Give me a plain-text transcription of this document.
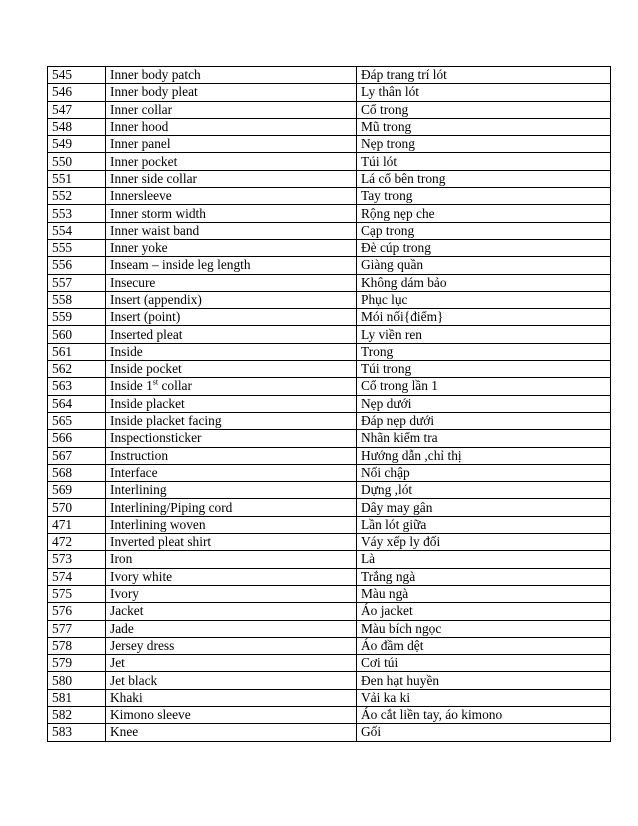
545	Inner body patch	Đáp trang trí lót
546	Inner body pleat	Ly thân lót
547	Inner collar	Cổ trong
548	Inner hood	Mũ trong
549	Inner panel	Nẹp trong
550	Inner pocket	Túi lót
551	Inner side collar	Lá cổ bên trong
552	Innersleeve	Tay trong
553	Inner storm width	Rộng nẹp che
554	Inner waist band	Cạp trong
555	Inner yoke	Đè cúp trong
556	Inseam – inside leg length	Giàng quần
557	Insecure	Không dám bảo
558	Insert (appendix)	Phục lục
559	Insert (point)	Mói nối{điểm}
560	Inserted pleat	Ly viền ren
561	Inside	Trong
562	Inside pocket	Túi trong
563	Inside 1st collar	Cổ trong lần 1
564	Inside placket	Nẹp dưới
565	Inside placket facing	Đáp nẹp dưới
566	Inspectionsticker	Nhãn kiểm tra
567	Instruction	Hướng dẫn ,chỉ thị
568	Interface	Nối chập
569	Interlining	Dựng ,lót
570	Interlining/Piping cord	Dây may gân
471	Interlining woven	Lần lót giữa
472	Inverted pleat shirt	Váy xếp ly đối
573	Iron	Là
574	Ivory white	Trắng ngà
575	Ivory	Màu ngà
576	Jacket	Áo jacket
577	Jade	Màu bích ngọc
578	Jersey dress	Áo đầm dệt
579	Jet	Cơi túi
580	Jet black	Đen hạt huyền
581	Khaki	Vải ka ki
582	Kimono sleeve	Áo cắt liền tay, áo kimono
583	Knee	Gối
